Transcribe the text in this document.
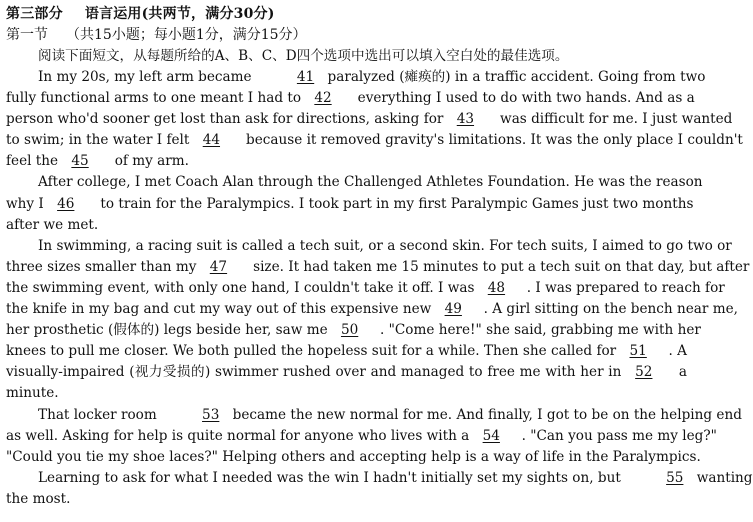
第三部分 语言运用(共两节，满分30分)
第一节 （共15小题；每小题1分，满分15分）
阅读下面短文，从每题所给的A、B、C、D四个选项中选出可以填入空白处的最佳选项。
In my 20s, my left arm became	41 paralyzed (瘫痪的) in a traffic accident. Going from two
fully functional arms to one meant I had to 42 everything I used to do with two hands. And as a
person who'd sooner get lost than ask for directions, asking for 43 was difficult for me. I just wanted
to swim; in the water I felt 44 because it removed gravity's limitations. It was the only place I couldn't
feel the 45 of my arm.
After college, I met Coach Alan through the Challenged Athletes Foundation. He was the reason
why I 46 to train for the Paralympics. I took part in my first Paralympic Games just two months
after we met.
In swimming, a racing suit is called a tech suit, or a second skin. For tech suits, I aimed to go two or
three sizes smaller than my 47 size. It had taken me 15 minutes to put a tech suit on that day, but after
the swimming event, with only one hand, I couldn't take it off. I was 48 . I was prepared to reach for
the knife in my bag and cut my way out of this expensive new 49 . A girl sitting on the bench near me,
her prosthetic (假体的) legs beside her, saw me 50 . "Come here!" she said, grabbing me with her
knees to pull me closer. We both pulled the hopeless suit for a while. Then she called for 51 . A
visually-impaired (视力受损的) swimmer rushed over and managed to free me with her in 52 a
minute.
That locker room	53 became the new normal for me. And finally, I got to be on the helping end
as well. Asking for help is quite normal for anyone who lives with a 54 . "Can you pass me my leg?"
"Could you tie my shoe laces?" Helping others and accepting help is a way of life in the Paralympics.
Learning to ask for what I needed was the win I hadn't initially set my sights on, but	55 wanting
the most.
